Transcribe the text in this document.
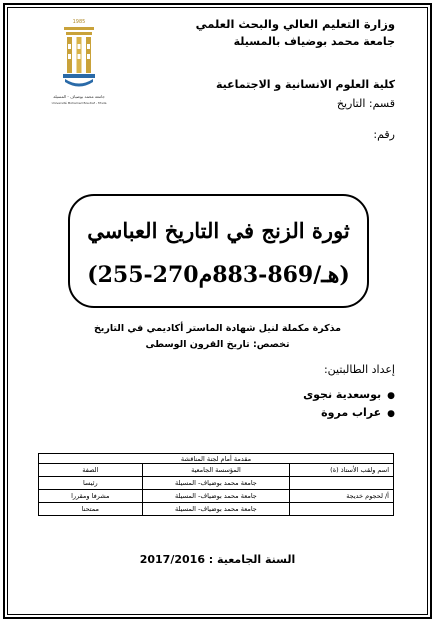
وزارة التعليم العالي والبحث العلمي
جامعة محمد بوضياف بالمسيلة
1985
جامعة محمد بوضياف - المسيلة
Université Mohamed Boudiaf - M'sila
كلية العلوم الانسانية و الاجتماعية
قسم: التاريخ
رقم:
ثورة الزنج في التاريخ العباسي
(255-270هـ/869-883م)
مذكرة مكملة لنيل شهادة الماستر أكاديمي في التاريخ
تخصص: تاريخ القرون الوسطى
إعداد الطالبتين:
●بوسعدية نجوى
●عراب مروة
مقدمة أمام لجنة المناقشة		
اسم ولقب الأستاذ (ة)	المؤسسة الجامعية	الصفة
	جامعة محمد بوضياف- المسيلة	رئيسا
أ/ لحجوم خديجة	جامعة محمد بوضياف- المسيلة	مشرفا ومقررا
	جامعة محمد بوضياف- المسيلة	ممتحنا
السنة الجامعية : 2017/2016
